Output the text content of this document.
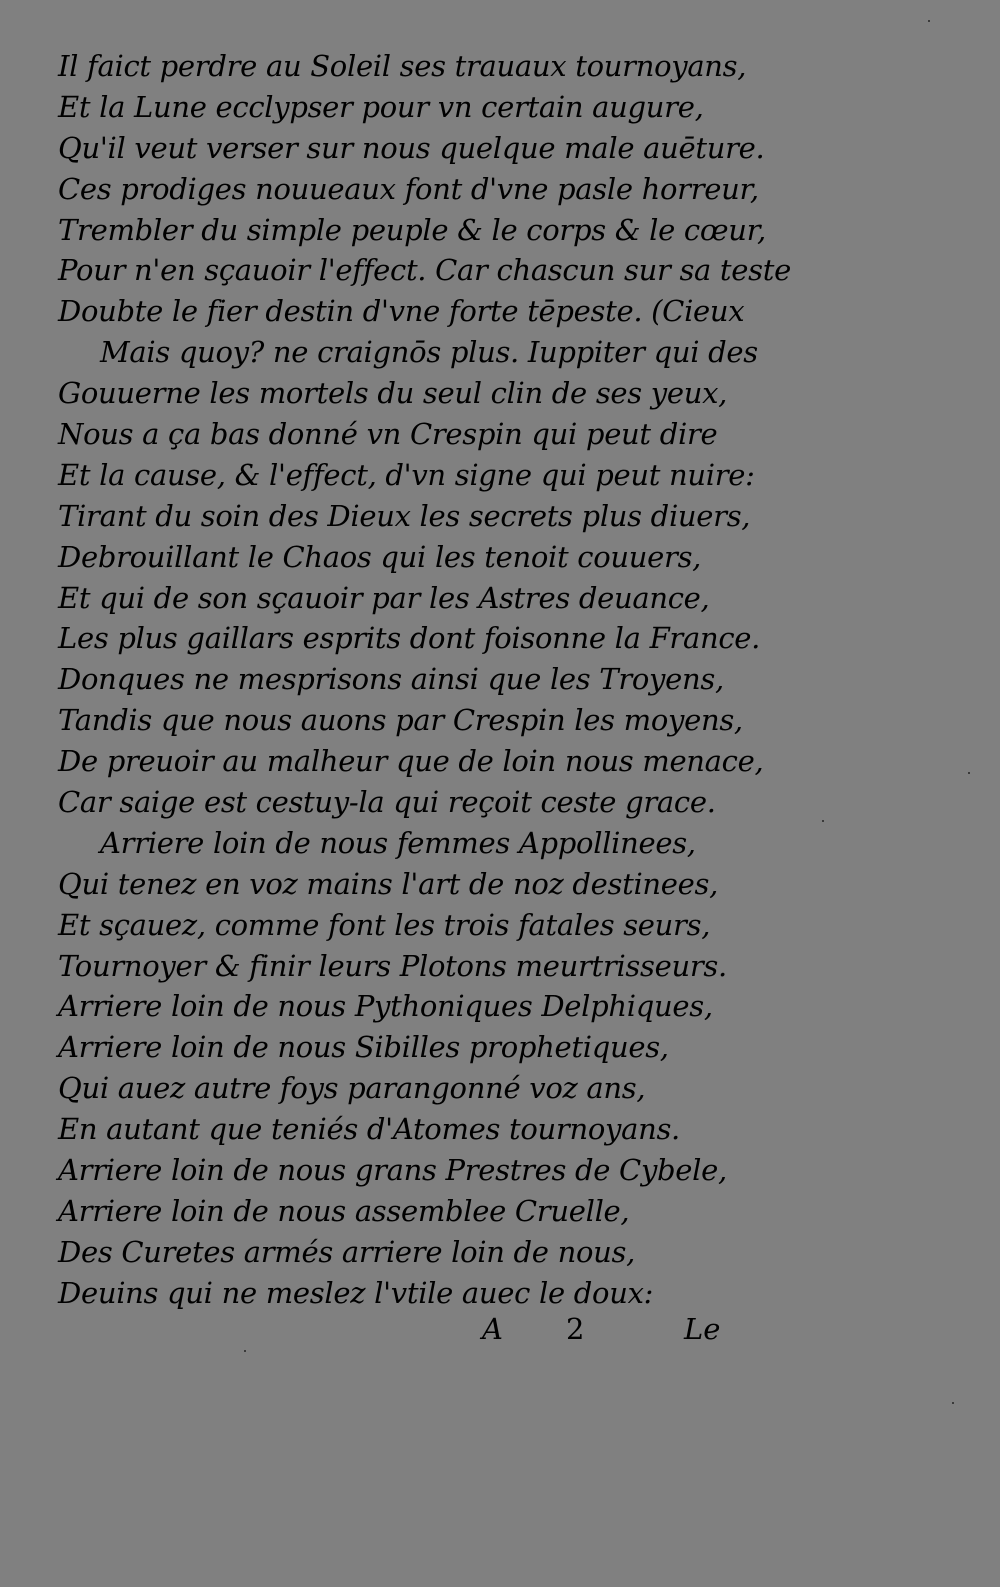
Il faict perdre au Soleil ses trauaux tournoyans,
Et la Lune ecclypser pour vn certain augure,
Qu'il veut verser sur nous quelque male auēture.
Ces prodiges nouueaux font d'vne pasle horreur,
Trembler du simple peuple & le corps & le cœur,
Pour n'en sçauoir l'effect. Car chascun sur sa teste
Doubte le fier destin d'vne forte tēpeste. (Cieux
Mais quoy? ne craignōs plus. Iuppiter qui des
Gouuerne les mortels du seul clin de ses yeux,
Nous a ça bas donné vn Crespin qui peut dire
Et la cause, & l'effect, d'vn signe qui peut nuire:
Tirant du soin des Dieux les secrets plus diuers,
Debrouillant le Chaos qui les tenoit couuers,
Et qui de son sçauoir par les Astres deuance,
Les plus gaillars esprits dont foisonne la France.
Donques ne mesprisons ainsi que les Troyens,
Tandis que nous auons par Crespin les moyens,
De preuoir au malheur que de loin nous menace,
Car saige est cestuy-la qui reçoit ceste grace.
Arriere loin de nous femmes Appollinees,
Qui tenez en voz mains l'art de noz destinees,
Et sçauez, comme font les trois fatales seurs,
Tournoyer & finir leurs Plotons meurtrisseurs.
Arriere loin de nous Pythoniques Delphiques,
Arriere loin de nous Sibilles prophetiques,
Qui auez autre foys parangonné voz ans,
En autant que teniés d'Atomes tournoyans.
Arriere loin de nous grans Prestres de Cybele,
Arriere loin de nous assemblee Cruelle,
Des Curetes armés arriere loin de nous,
Deuins qui ne meslez l'vtile auec le doux:
A 2	Le
